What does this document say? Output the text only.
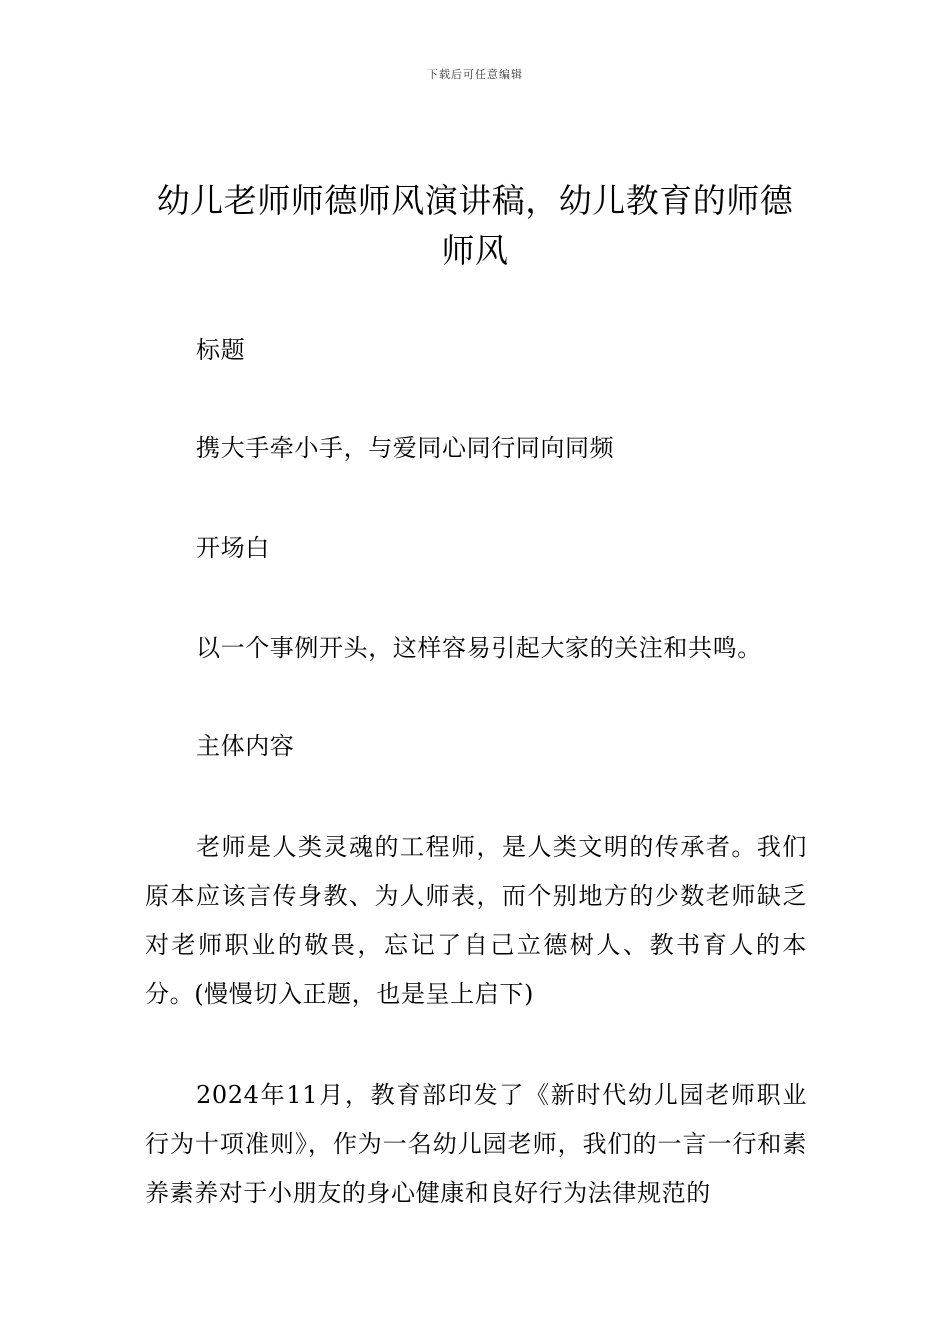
下载后可任意编辑
幼儿老师师德师风演讲稿，幼儿教育的师德师风
标题
携大手牵小手，与爱同心同行同向同频
开场白
以一个事例开头，这样容易引起大家的关注和共鸣。
主体内容
老师是人类灵魂的工程师，是人类文明的传承者。我们原本应该言传身教、为人师表，而个别地方的少数老师缺乏对老师职业的敬畏，忘记了自己立德树人、教书育人的本分。(慢慢切入正题，也是呈上启下)
2024年11月，教育部印发了《新时代幼儿园老师职业行为十项准则》，作为一名幼儿园老师，我们的一言一行和素养素养对于小朋友的身心健康和良好行为法律规范的
